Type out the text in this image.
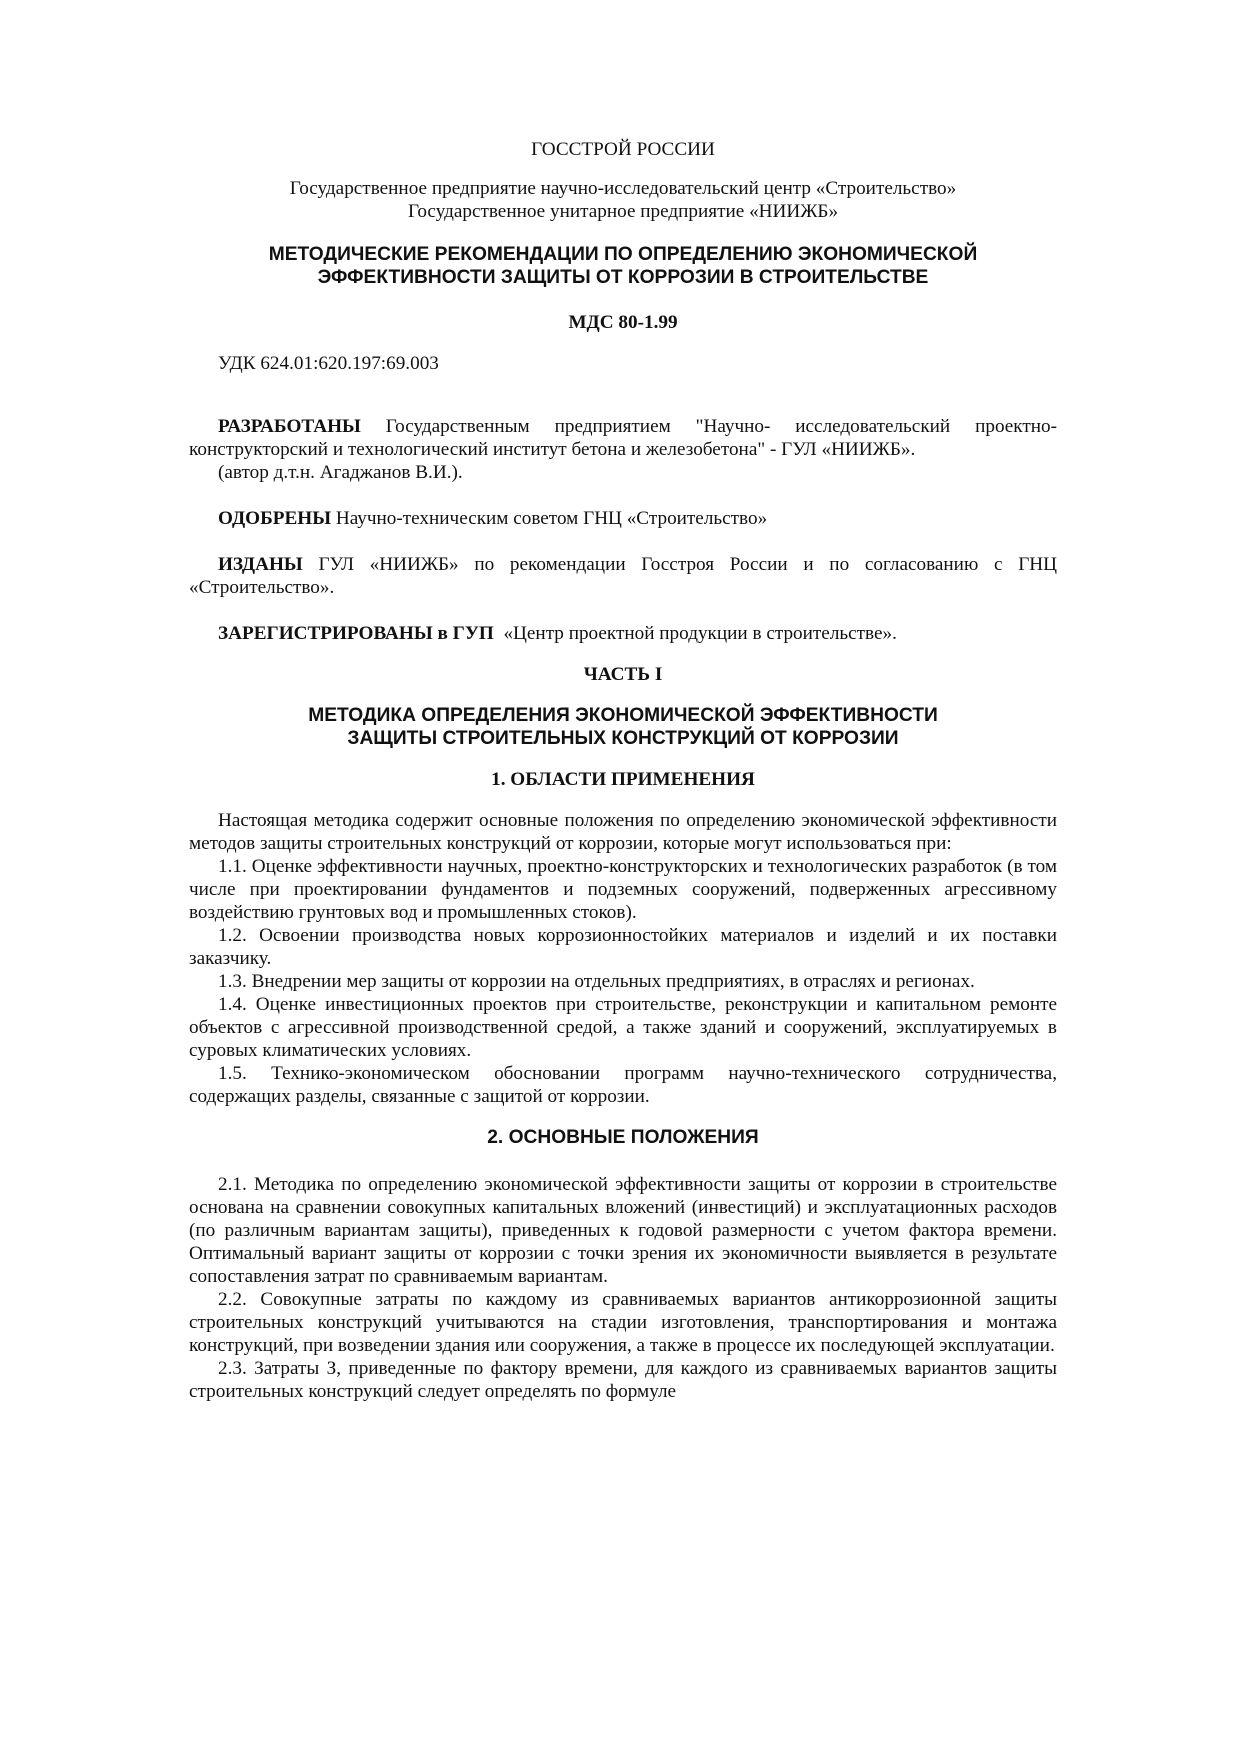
ГОССТРОЙ РОССИИ

Государственное предприятие научно-исследовательский центр «Строительство»

Государственное унитарное предприятие «НИИЖБ»

МЕТОДИЧЕСКИЕ РЕКОМЕНДАЦИИ ПО ОПРЕДЕЛЕНИЮ ЭКОНОМИЧЕСКОЙ

ЭФФЕКТИВНОСТИ ЗАЩИТЫ ОТ КОРРОЗИИ В СТРОИТЕЛЬСТВЕ

МДС 80-1.99

УДК 624.01:620.197:69.003

РАЗРАБОТАНЫ Государственным предприятием "Научно- исследовательский проектно-конструкторский и технологический институт бетона и железобетона" - ГУЛ «НИИЖБ».

(автор д.т.н. Агаджанов В.И.).

ОДОБРЕНЫ Научно-техническим советом ГНЦ «Строительство»

ИЗДАНЫ ГУЛ «НИИЖБ» по рекомендации Госстроя России и по согласованию с ГНЦ «Строительство».

ЗАРЕГИСТРИРОВАНЫ в ГУП «Центр проектной продукции в строительстве».

ЧАСТЬ I

МЕТОДИКА ОПРЕДЕЛЕНИЯ ЭКОНОМИЧЕСКОЙ ЭФФЕКТИВНОСТИ

ЗАЩИТЫ СТРОИТЕЛЬНЫХ КОНСТРУКЦИЙ ОТ КОРРОЗИИ

1. ОБЛАСТИ ПРИМЕНЕНИЯ

Настоящая методика содержит основные положения по определению экономической эффективности методов защиты строительных конструкций от коррозии, которые могут использоваться при:

1.1. Оценке эффективности научных, проектно-конструкторских и технологических разработок (в том числе при проектировании фундаментов и подземных сооружений, подверженных агрессивному воздействию грунтовых вод и промышленных стоков).

1.2. Освоении производства новых коррозионностойких материалов и изделий и их поставки заказчику.

1.3. Внедрении мер защиты от коррозии на отдельных предприятиях, в отраслях и регионах.

1.4. Оценке инвестиционных проектов при строительстве, реконструкции и капитальном ремонте объектов с агрессивной производственной средой, а также зданий и сооружений, эксплуатируемых в суровых климатических условиях.

1.5. Технико-экономическом обосновании программ научно-технического сотрудничества, содержащих разделы, связанные с защитой от коррозии.

2. ОСНОВНЫЕ ПОЛОЖЕНИЯ

2.1. Методика по определению экономической эффективности защиты от коррозии в строительстве основана на сравнении совокупных капитальных вложений (инвестиций) и эксплуатационных расходов (по различным вариантам защиты), приведенных к годовой размерности с учетом фактора времени. Оптимальный вариант защиты от коррозии с точки зрения их экономичности выявляется в результате сопоставления затрат по сравниваемым вариантам.

2.2. Совокупные затраты по каждому из сравниваемых вариантов антикоррозионной защиты строительных конструкций учитываются на стадии изготовления, транспортирования и монтажа конструкций, при возведении здания или сооружения, а также в процессе их последующей эксплуатации.

2.3. Затраты З, приведенные по фактору времени, для каждого из сравниваемых вариантов защиты строительных конструкций следует определять по формуле
